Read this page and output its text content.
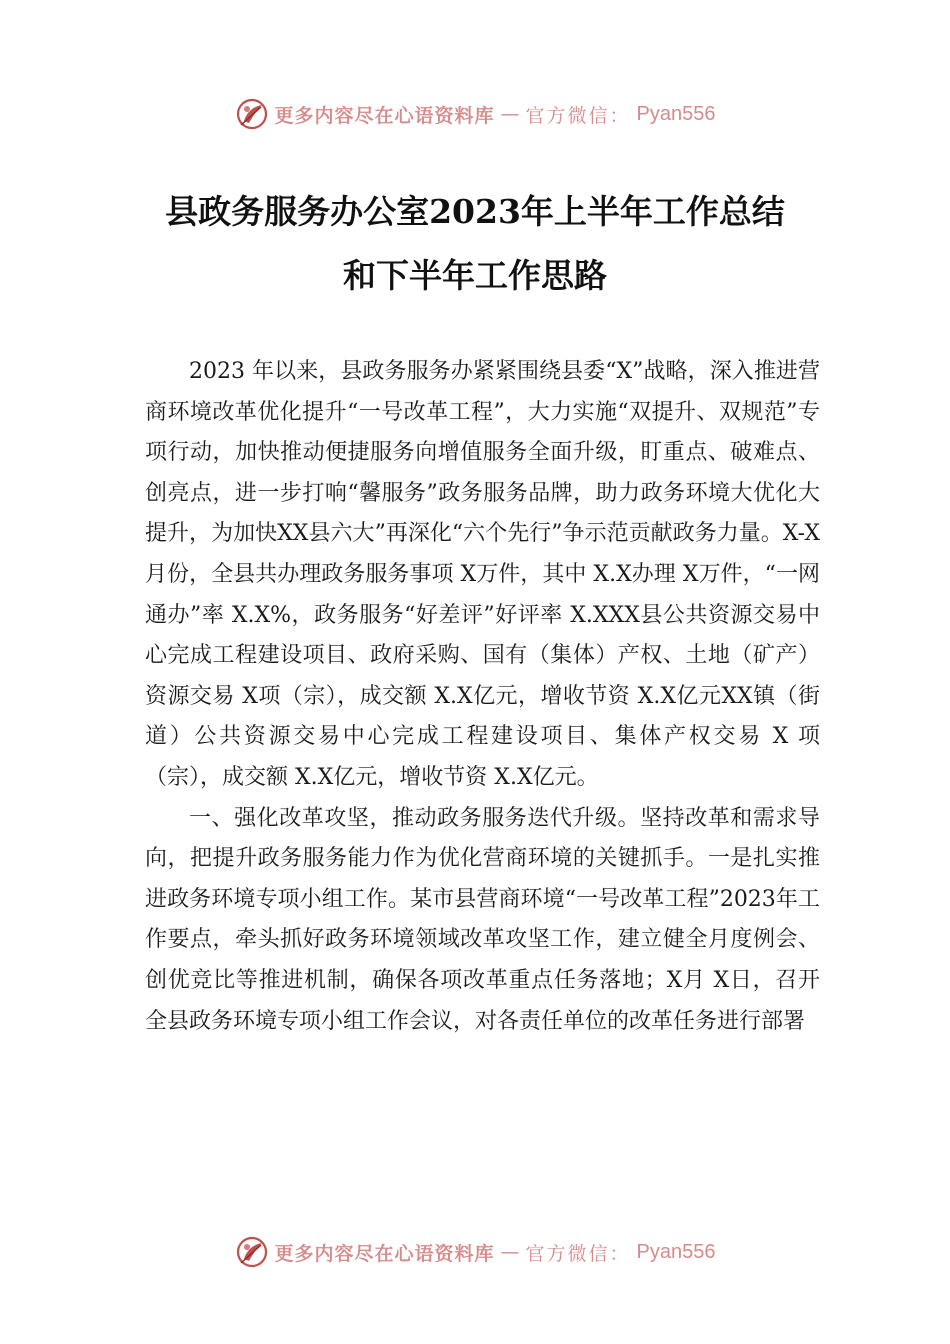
更多内容尽在心语资料库 — 官方微信： Pyan556
县政务服务办公室2023年上半年工作总结
和下半年工作思路

2023 年以来，县政务服务办紧紧围绕县委“X”战略，深入推进营商环境改革优化提升“一号改革工程”，大力实施“双提升、双规范”专项行动，加快推动便捷服务向增值服务全面升级，盯重点、破难点、创亮点，进一步打响“馨服务”政务服务品牌，助力政务环境大优化大提升，为加快XX县六大”再深化“六个先行”争示范贡献政务力量。X-X月份，全县共办理政务服务事项 X万件，其中 X.X办理 X万件，“一网通办”率 X.X%，政务服务“好差评”好评率 X.XXX县公共资源交易中心完成工程建设项目、政府采购、国有（集体）产权、土地（矿产）资源交易 X项（宗），成交额 X.X亿元，增收节资 X.X亿元XX镇（街道）公共资源交易中心完成工程建设项目、集体产权交易 X 项（宗），成交额 X.X亿元，增收节资 X.X亿元。

一、强化改革攻坚，推动政务服务迭代升级。坚持改革和需求导向，把提升政务服务能力作为优化营商环境的关键抓手。一是扎实推进政务环境专项小组工作。某市县营商环境“一号改革工程”2023年工作要点，牵头抓好政务环境领域改革攻坚工作，建立健全月度例会、创优竞比等推进机制，确保各项改革重点任务落地；X月 X日，召开全县政务环境专项小组工作会议，对各责任单位的改革任务进行部署

更多内容尽在心语资料库 — 官方微信： Pyan556
